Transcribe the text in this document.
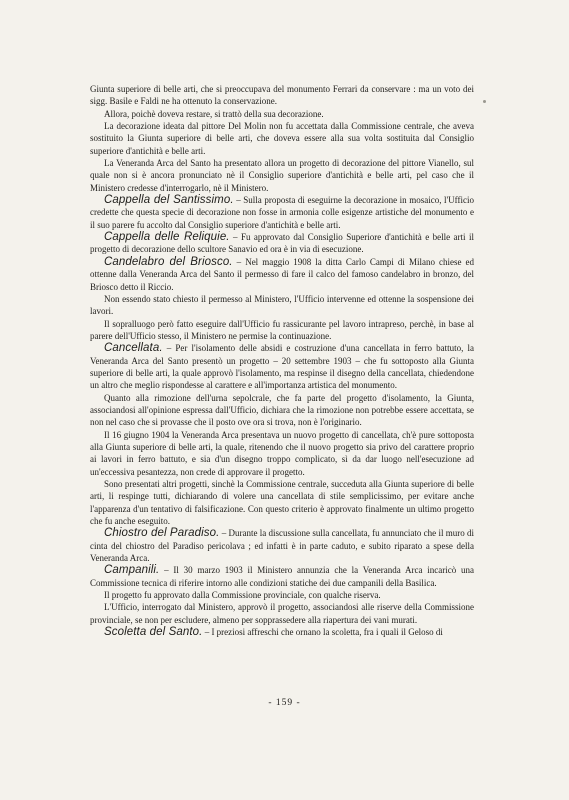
Giunta superiore di belle arti, che si preoccupava del monumento Ferrari da conservare : ma un voto dei sigg. Basile e Faldi ne ha ottenuto la conservazione.

Allora, poichè doveva restare, si trattò della sua decorazione.

La decorazione ideata dal pittore Del Molin non fu accettata dalla Commissione centrale, che aveva sostituito la Giunta superiore di belle arti, che doveva essere alla sua volta sostituita dal Consiglio superiore d'antichità e belle arti.

La Veneranda Arca del Santo ha presentato allora un progetto di decorazione del pittore Vianello, sul quale non si è ancora pronunciato nè il Consiglio superiore d'antichità e belle arti, pel caso che il Ministero credesse d'interrogarlo, nè il Ministero.

Cappella del Santissimo. – Sulla proposta di eseguirne la decorazione in mosaico, l'Ufficio credette che questa specie di decorazione non fosse in armonia colle esigenze artistiche del monumento e il suo parere fu accolto dal Consiglio superiore d'antichità e belle arti.

Cappella delle Reliquie. – Fu approvato dal Consiglio Superiore d'antichità e belle arti il progetto di decorazione dello scultore Sanavio ed ora è in via di esecuzione.

Candelabro del Briosco. – Nel maggio 1908 la ditta Carlo Campi di Milano chiese ed ottenne dalla Veneranda Arca del Santo il permesso di fare il calco del famoso candelabro in bronzo, del Briosco detto il Riccio.

Non essendo stato chiesto il permesso al Ministero, l'Ufficio intervenne ed ottenne la sospensione dei lavori.

Il sopralluogo però fatto eseguire dall'Ufficio fu rassicurante pel lavoro intrapreso, perchè, in base al parere dell'Ufficio stesso, il Ministero ne permise la continuazione.

Cancellata. – Per l'isolamento delle absidi e costruzione d'una cancellata in ferro battuto, la Veneranda Arca del Santo presentò un progetto – 20 settembre 1903 – che fu sottoposto alla Giunta superiore di belle arti, la quale approvò l'isolamento, ma respinse il disegno della cancellata, chiedendone un altro che meglio rispondesse al carattere e all'importanza artistica del monumento.

Quanto alla rimozione dell'urna sepolcrale, che fa parte del progetto d'isolamento, la Giunta, associandosi all'opinione espressa dall'Ufficio, dichiara che la rimozione non potrebbe essere accettata, se non nel caso che si provasse che il posto ove ora si trova, non è l'originario.

Il 16 giugno 1904 la Veneranda Arca presentava un nuovo progetto di cancellata, ch'è pure sottoposta alla Giunta superiore di belle arti, la quale, ritenendo che il nuovo progetto sia privo del carattere proprio ai lavori in ferro battuto, e sia d'un disegno troppo complicato, sì da dar luogo nell'esecuzione ad un'eccessiva pesantezza, non crede di approvare il progetto.

Sono presentati altri progetti, sinchè la Commissione centrale, succeduta alla Giunta superiore di belle arti, li respinge tutti, dichiarando di volere una cancellata di stile semplicissimo, per evitare anche l'apparenza d'un tentativo di falsificazione. Con questo criterio è approvato finalmente un ultimo progetto che fu anche eseguito.

Chiostro del Paradiso. – Durante la discussione sulla cancellata, fu annunciato che il muro di cinta del chiostro del Paradiso pericolava ; ed infatti è in parte caduto, e subito riparato a spese della Veneranda Arca.

Campanili. – Il 30 marzo 1903 il Ministero annunzia che la Veneranda Arca incaricò una Commissione tecnica di riferire intorno alle condizioni statiche dei due campanili della Basilica.

Il progetto fu approvato dalla Commissione provinciale, con qualche riserva.

L'Ufficio, interrogato dal Ministero, approvò il progetto, associandosi alle riserve della Commissione provinciale, se non per escludere, almeno per sopprassedere alla riapertura dei vani murati.

Scoletta del Santo. – I preziosi affreschi che ornano la scoletta, fra i quali il Geloso di

- 159 -
